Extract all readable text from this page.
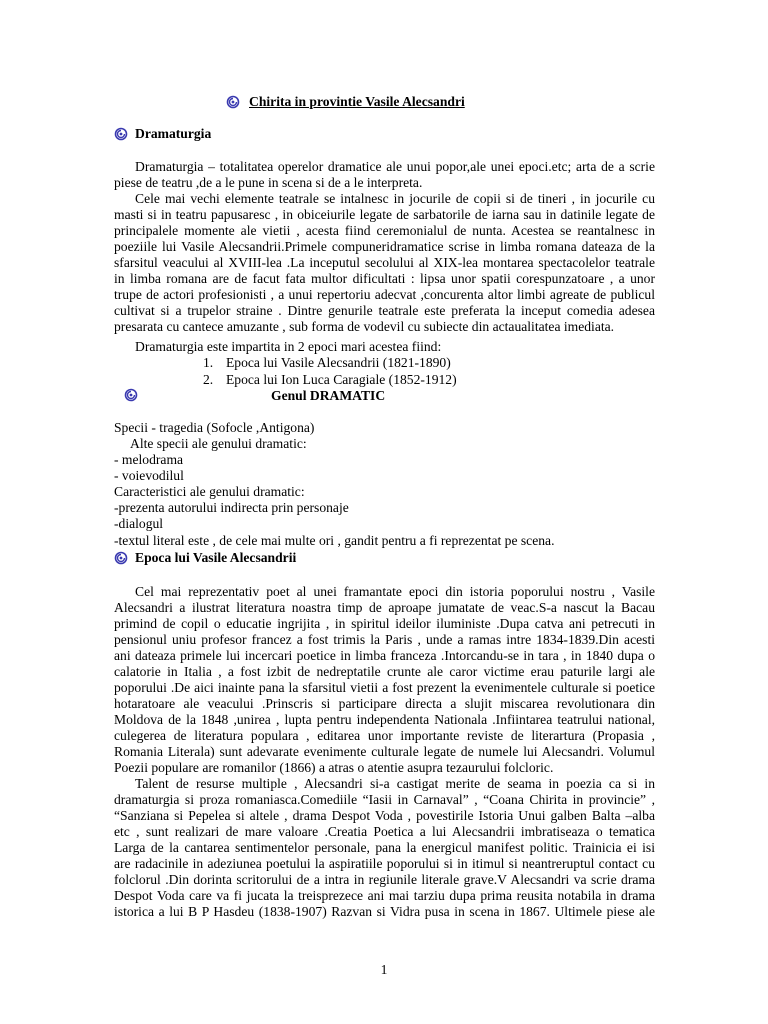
Chirita in provintie Vasile Alecsandri
Dramaturgia
Dramaturgia – totalitatea operelor dramatice ale unui popor,ale unei epoci.etc; arta de a scrie
piese de teatru ,de a le pune in scena si de a le interpreta.
Cele mai vechi elemente teatrale se intalnesc in jocurile de copii si de tineri , in jocurile cu
masti si in teatru papusaresc , in obiceiurile legate de sarbatorile de iarna sau in datinile legate de
principalele momente ale vietii , acesta fiind ceremonialul de nunta. Acestea se reantalnesc in
poeziile lui Vasile Alecsandrii.Primele compuneridramatice scrise in limba romana dateaza de la
sfarsitul veacului al XVIII-lea .La inceputul secolului al XIX-lea montarea spectacolelor teatrale
in limba romana are de facut fata multor dificultati : lipsa unor spatii corespunzatoare , a unor
trupe de actori profesionisti , a unui repertoriu adecvat ,concurenta altor limbi agreate de publicul
cultivat si a trupelor straine . Dintre genurile teatrale este preferata la inceput comedia adesea
presarata cu cantece amuzante , sub forma de vodevil cu subiecte din actaualitatea imediata.
Dramaturgia este impartita in 2 epoci mari acestea fiind:
1. Epoca lui Vasile Alecsandrii (1821-1890)
2. Epoca lui Ion Luca Caragiale (1852-1912)
Genul DRAMATIC
Specii - tragedia (Sofocle ,Antigona)
Alte specii ale genului dramatic:
- melodrama
- voievodilul
Caracteristici ale genului dramatic:
-prezenta autorului indirecta prin personaje
-dialogul
-textul literal este , de cele mai multe ori , gandit pentru a fi reprezentat pe scena.
Epoca lui Vasile Alecsandrii
Cel mai reprezentativ poet al unei framantate epoci din istoria poporului nostru , Vasile
Alecsandri a ilustrat literatura noastra timp de aproape jumatate de veac.S-a nascut la Bacau
primind de copil o educatie ingrijita , in spiritul ideilor iluministe .Dupa catva ani petrecuti in
pensionul uniu profesor francez a fost trimis la Paris , unde a ramas intre 1834-1839.Din acesti
ani dateaza primele lui incercari poetice in limba franceza .Intorcandu-se in tara , in 1840 dupa o
calatorie in Italia , a fost izbit de nedreptatile crunte ale caror victime erau paturile largi ale
poporului .De aici inainte pana la sfarsitul vietii a fost prezent la evenimentele culturale si poetice
hotaratoare ale veacului .Prinscris si participare directa a slujit miscarea revolutionara din
Moldova de la 1848 ,unirea , lupta pentru independenta Nationala .Infiintarea teatrului national,
culegerea de literatura populara , editarea unor importante reviste de literartura (Propasia ,
Romania Literala) sunt adevarate evenimente culturale legate de numele lui Alecsandri. Volumul
Poezii populare are romanilor (1866) a atras o atentie asupra tezaurului folcloric.
Talent de resurse multiple , Alecsandri si-a castigat merite de seama in poezia ca si in
dramaturgia si proza romaniasca.Comediile “Iasii in Carnaval” , “Coana Chirita in provincie” ,
“Sanziana si Pepelea si altele , drama Despot Voda , povestirile Istoria Unui galben Balta –alba
etc , sunt realizari de mare valoare .Creatia Poetica a lui Alecsandrii imbratiseaza o tematica
Larga de la cantarea sentimentelor personale, pana la energicul manifest politic. Trainicia ei isi
are radacinile in adeziunea poetului la aspiratiile poporului si in itimul si neantreruptul contact cu
folclorul .Din dorinta scritorului de a intra in regiunile literale grave.V Alecsandri va scrie drama
Despot Voda care va fi jucata la treisprezece ani mai tarziu dupa prima reusita notabila in drama
istorica a lui B P Hasdeu (1838-1907) Razvan si Vidra pusa in scena in 1867. Ultimele piese ale
1
